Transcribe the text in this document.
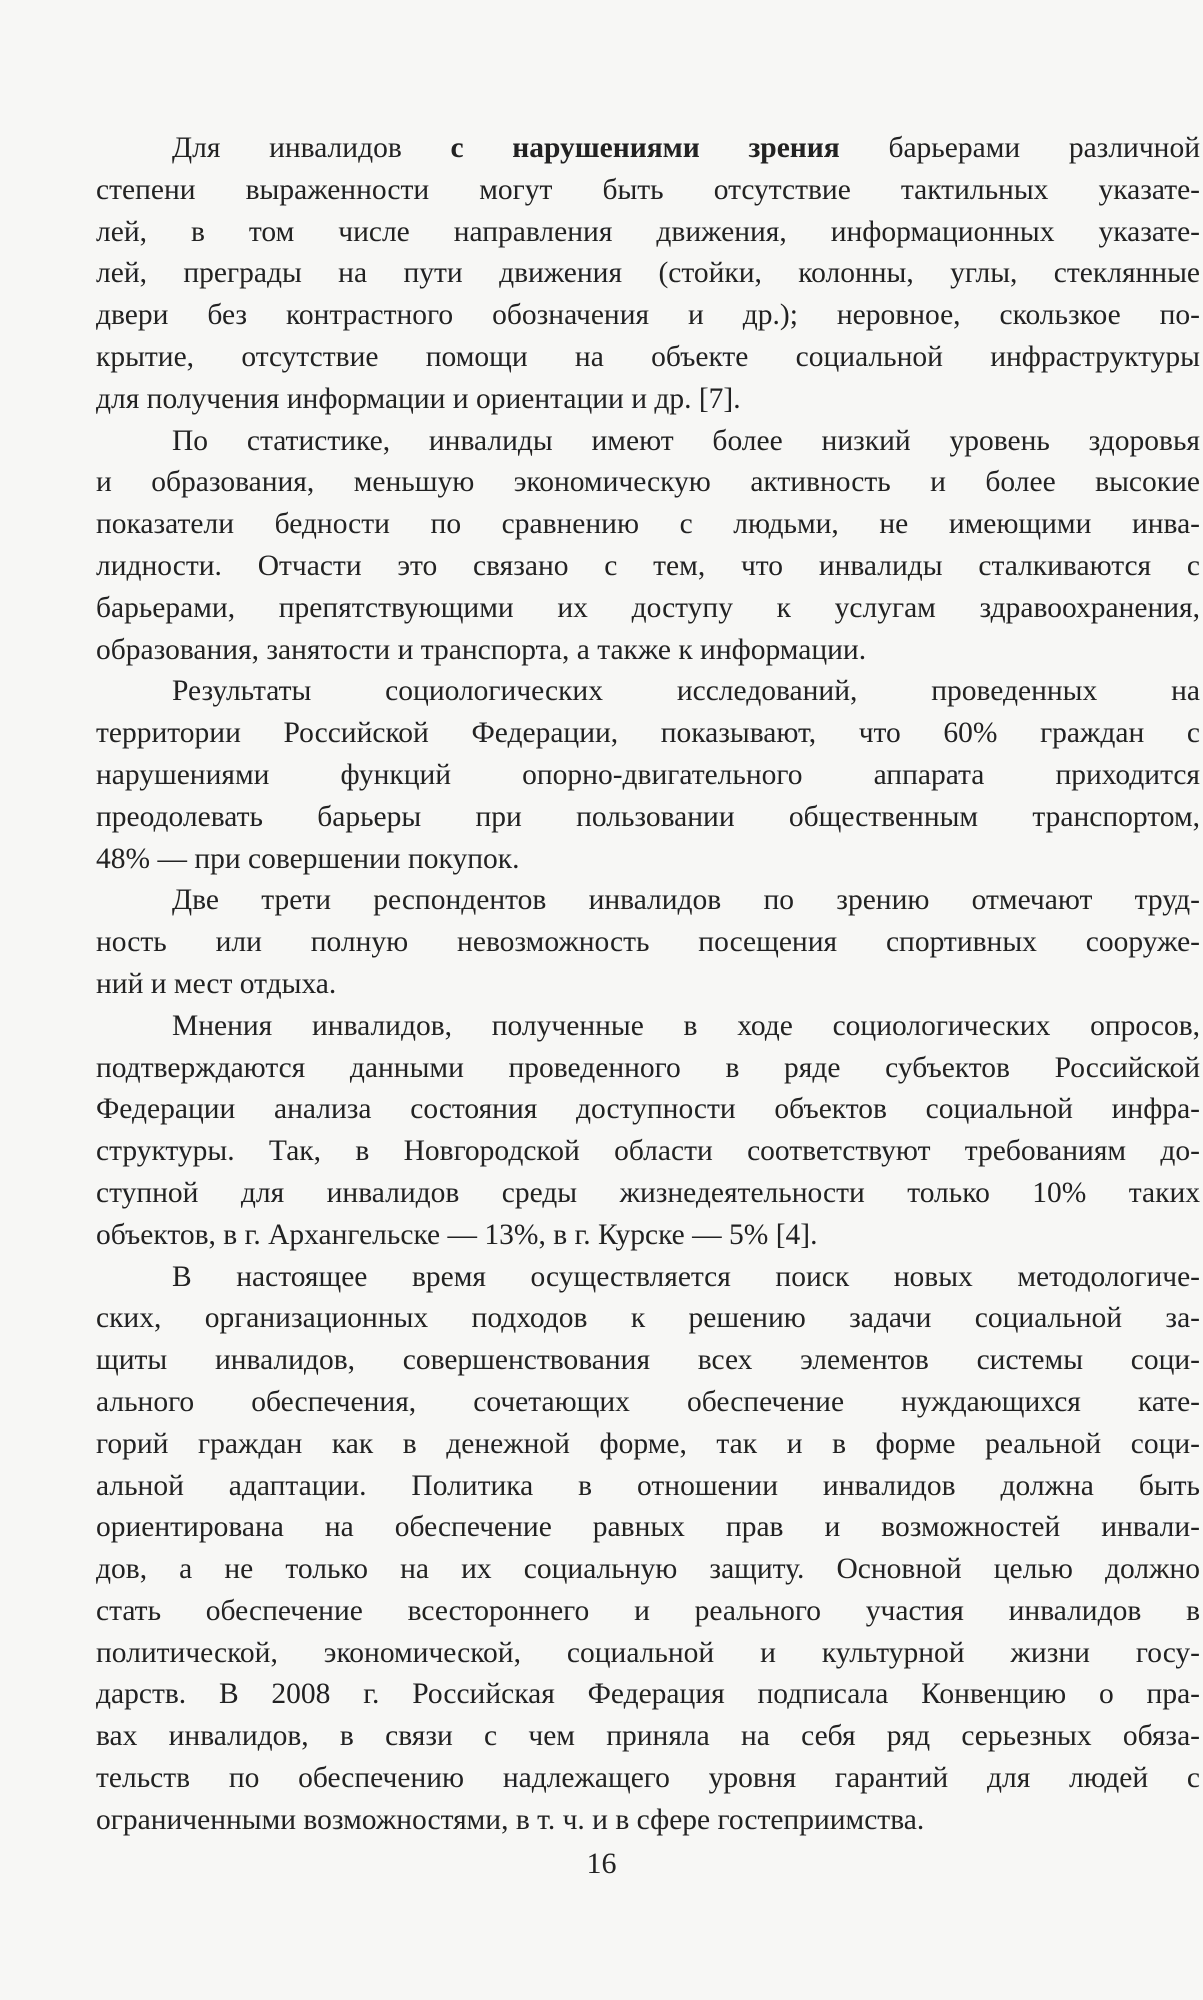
Для инвалидов с нарушениями зрения барьерами различной
степени выраженности могут быть отсутствие тактильных указате-
лей, в том числе направления движения, информационных указате-
лей, преграды на пути движения (стойки, колонны, углы, стеклянные
двери без контрастного обозначения и др.); неровное, скользкое по-
крытие, отсутствие помощи на объекте социальной инфраструктуры
для получения информации и ориентации и др. [7].
По статистике, инвалиды имеют более низкий уровень здоровья
и образования, меньшую экономическую активность и более высокие
показатели бедности по сравнению с людьми, не имеющими инва-
лидности. Отчасти это связано с тем, что инвалиды сталкиваются с
барьерами, препятствующими их доступу к услугам здравоохранения,
образования, занятости и транспорта, а также к информации.
Результаты социологических исследований, проведенных на
территории Российской Федерации, показывают, что 60% граждан с
нарушениями функций опорно-двигательного аппарата приходится
преодолевать барьеры при пользовании общественным транспортом,
48% — при совершении покупок.
Две трети респондентов инвалидов по зрению отмечают труд-
ность или полную невозможность посещения спортивных сооруже-
ний и мест отдыха.
Мнения инвалидов, полученные в ходе социологических опросов,
подтверждаются данными проведенного в ряде субъектов Российской
Федерации анализа состояния доступности объектов социальной инфра-
структуры. Так, в Новгородской области соответствуют требованиям до-
ступной для инвалидов среды жизнедеятельности только 10% таких
объектов, в г. Архангельске — 13%, в г. Курске — 5% [4].
В настоящее время осуществляется поиск новых методологиче-
ских, организационных подходов к решению задачи социальной за-
щиты инвалидов, совершенствования всех элементов системы соци-
ального обеспечения, сочетающих обеспечение нуждающихся кате-
горий граждан как в денежной форме, так и в форме реальной соци-
альной адаптации. Политика в отношении инвалидов должна быть
ориентирована на обеспечение равных прав и возможностей инвали-
дов, а не только на их социальную защиту. Основной целью должно
стать обеспечение всестороннего и реального участия инвалидов в
политической, экономической, социальной и культурной жизни госу-
дарств. В 2008 г. Российская Федерация подписала Конвенцию о пра-
вах инвалидов, в связи с чем приняла на себя ряд серьезных обяза-
тельств по обеспечению надлежащего уровня гарантий для людей с
ограниченными возможностями, в т. ч. и в сфере гостеприимства.
16
